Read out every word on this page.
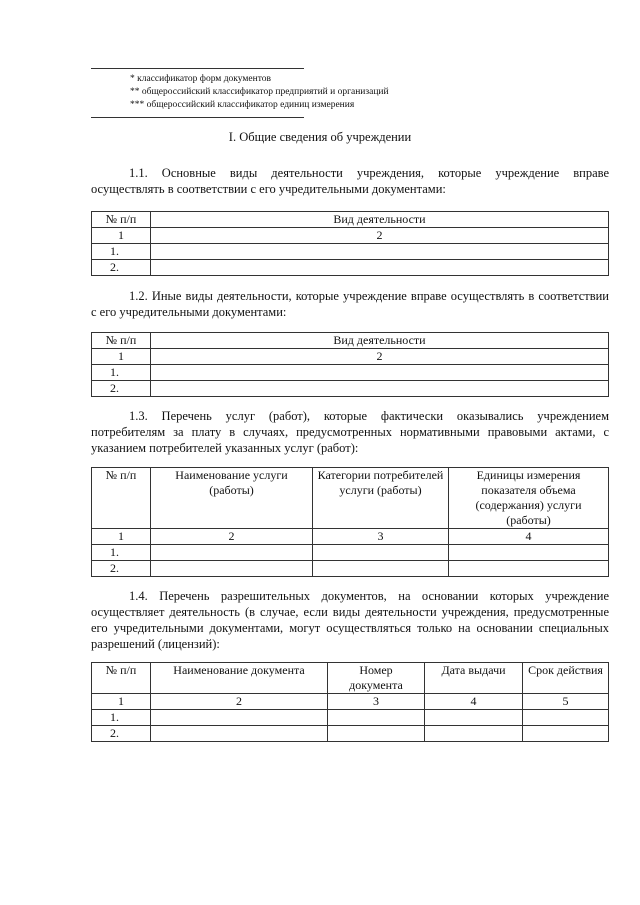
* классификатор форм документов
** общероссийский классификатор предприятий и организаций
*** общероссийский классификатор единиц измерения
I. Общие сведения об учреждении
1.1. Основные виды деятельности учреждения, которые учреждение вправе осуществлять в соответствии с его учредительными документами:
№ п/п	Вид деятельности
1	2
1.	
2.	
1.2. Иные виды деятельности, которые учреждение вправе осуществлять в соответствии с его учредительными документами:
№ п/п	Вид деятельности
1	2
1.	
2.	
1.3. Перечень услуг (работ), которые фактически оказывались учреждением потребителям за плату в случаях, предусмотренных нормативными правовыми актами, с указанием потребителей указанных услуг (работ):
№ п/п	Наименование услуги (работы)	Категории потребителей услуги (работы)	Единицы измерения показателя объема (содержания) услуги (работы)
1	2	3	4
1.			
2.			
1.4. Перечень разрешительных документов, на основании которых учреждение осуществляет деятельность (в случае, если виды деятельности учреждения, предусмотренные его учредительными документами, могут осуществляться только на основании специальных разрешений (лицензий):
№ п/п	Наименование документа	Номер документа	Дата выдачи	Срок действия
1	2	3	4	5
1.				
2.				
